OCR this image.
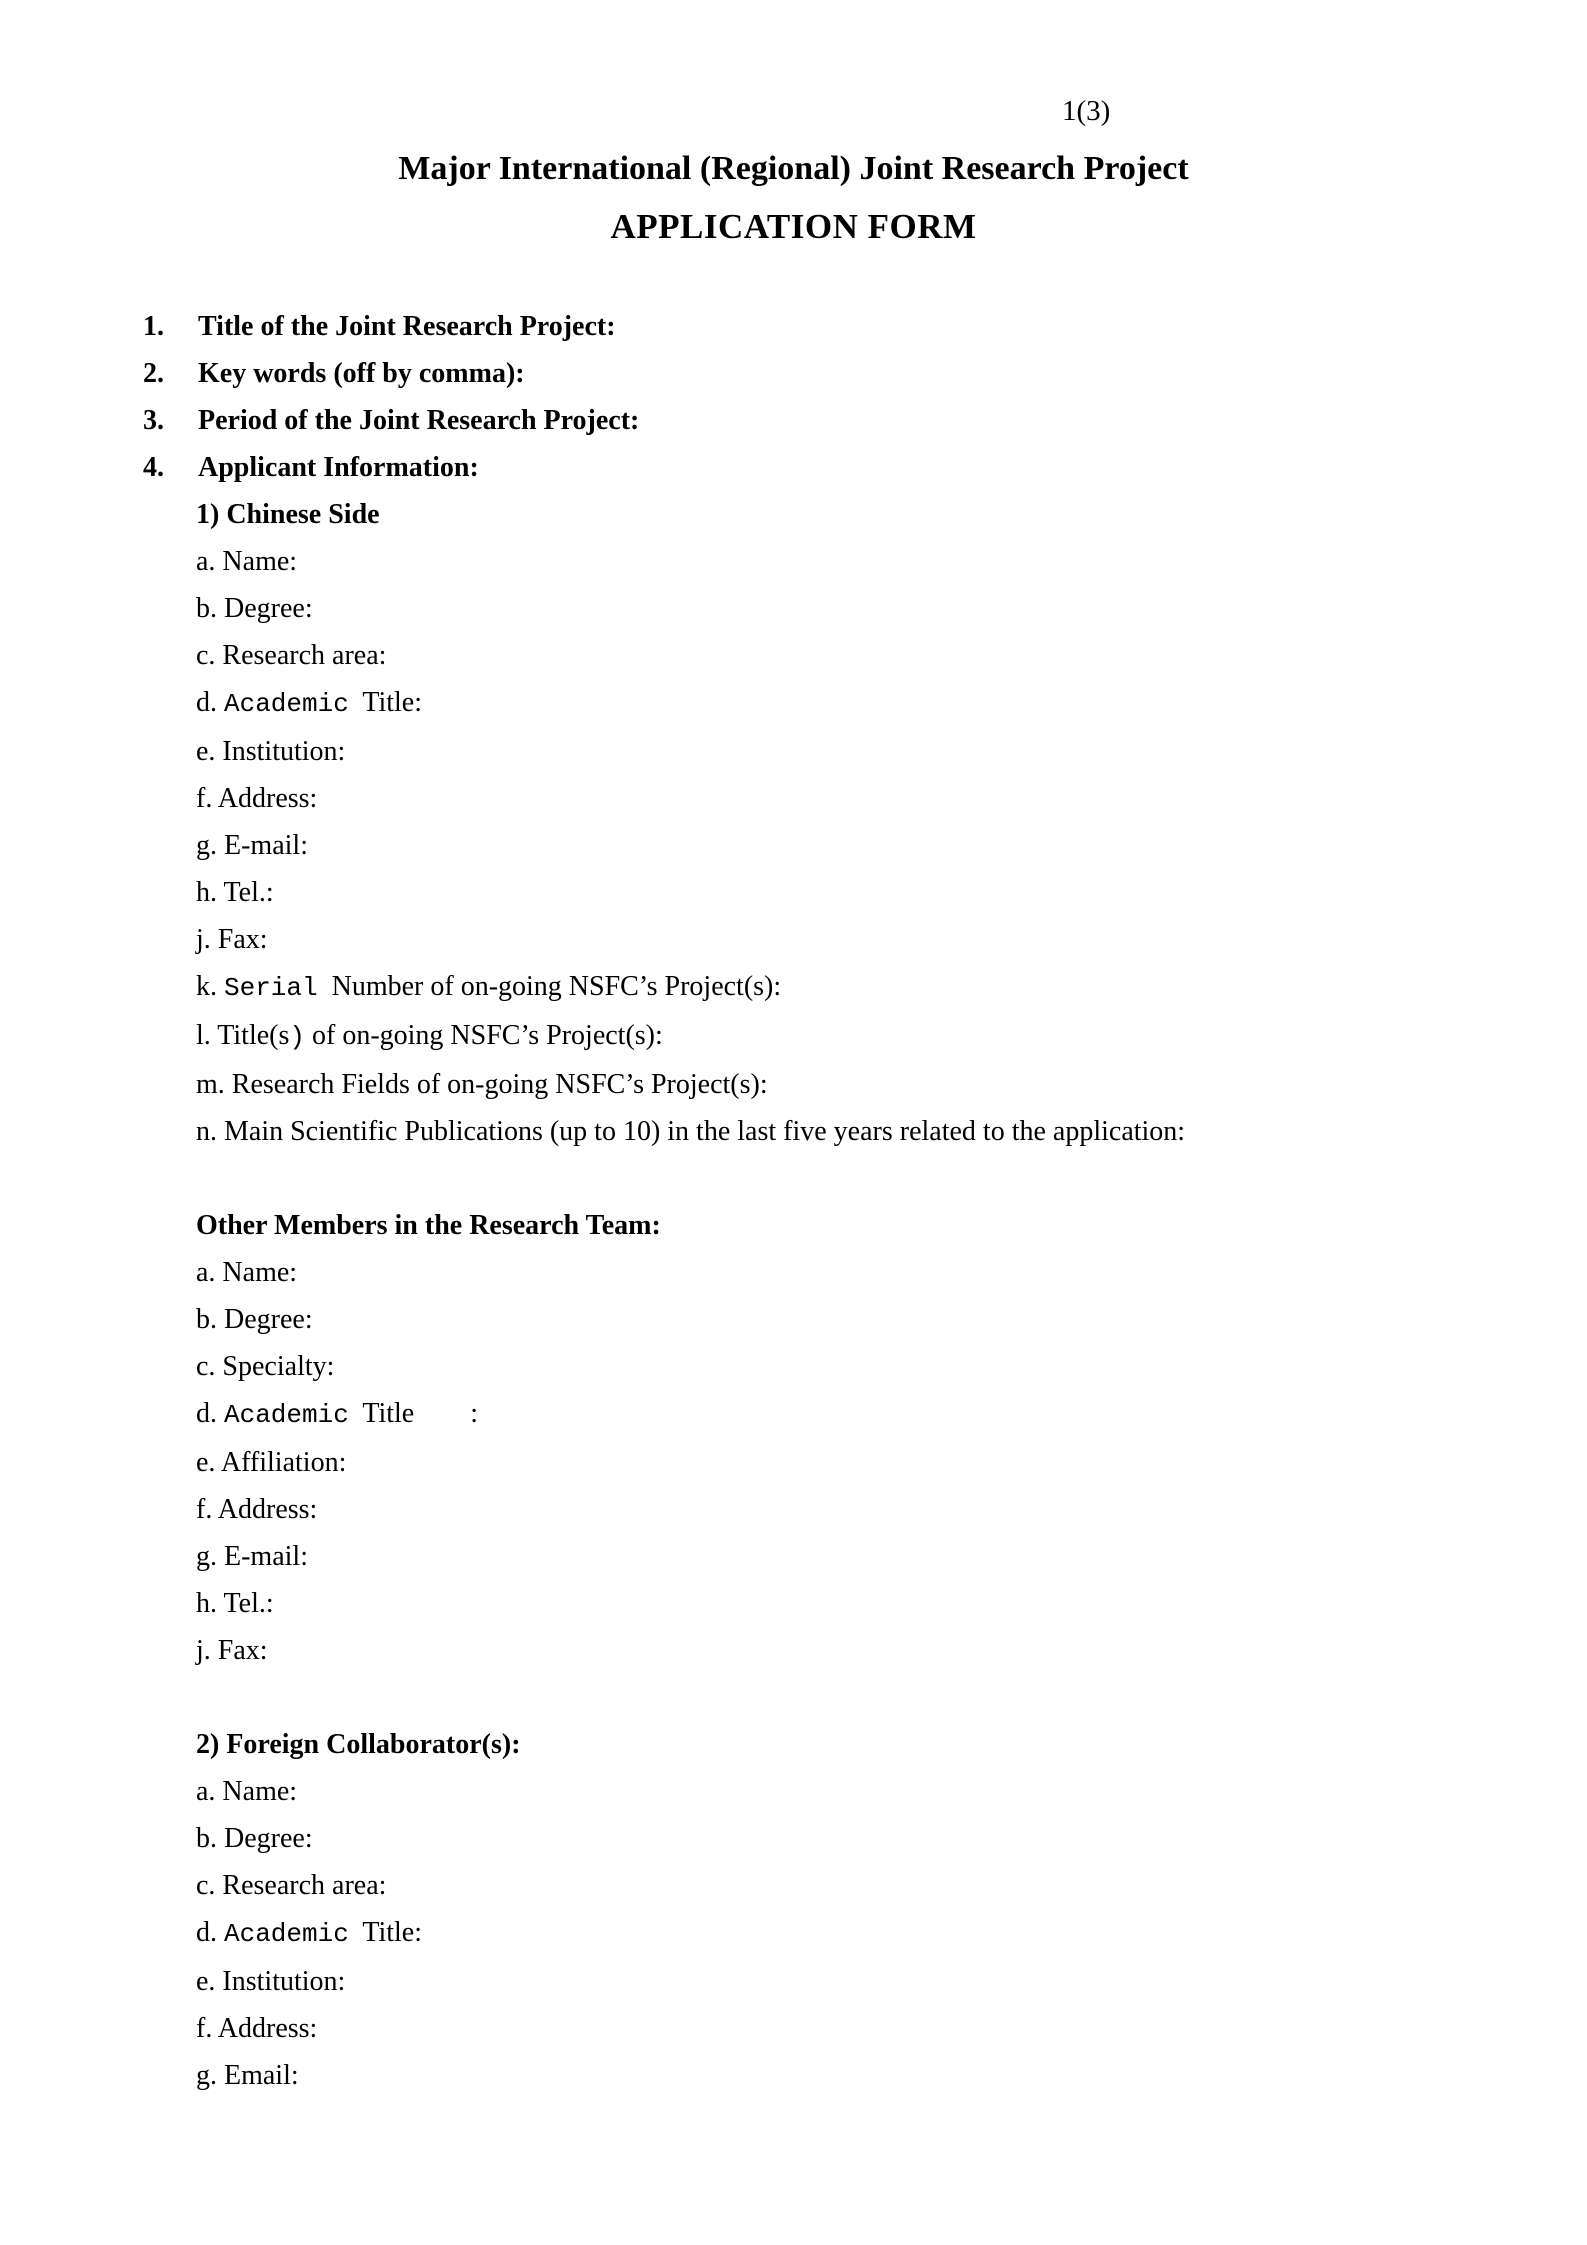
1(3)
Major International (Regional) Joint Research Project
APPLICATION FORM
1.	Title of the Joint Research Project:
2.	Key words (off by comma):
3.	Period of the Joint Research Project:
4.	Applicant Information:
1) Chinese Side
a. Name:
b. Degree:
c. Research area:
d. Academic  Title:
e. Institution:
f. Address:
g. E-mail:
h. Tel.:
j. Fax:
k. Serial  Number of on-going NSFC’s Project(s):
l. Title(s) of on-going NSFC’s Project(s):
m. Research Fields of on-going NSFC’s Project(s):
n. Main Scientific Publications (up to 10) in the last five years related to the application:
Other Members in the Research Team:
a. Name:
b. Degree:
c. Specialty:
d. Academic  Title        :
e. Affiliation:
f. Address:
g. E-mail:
h. Tel.:
j. Fax:
2) Foreign Collaborator(s):
a. Name:
b. Degree:
c. Research area:
d. Academic  Title:
e. Institution:
f. Address:
g. Email:
